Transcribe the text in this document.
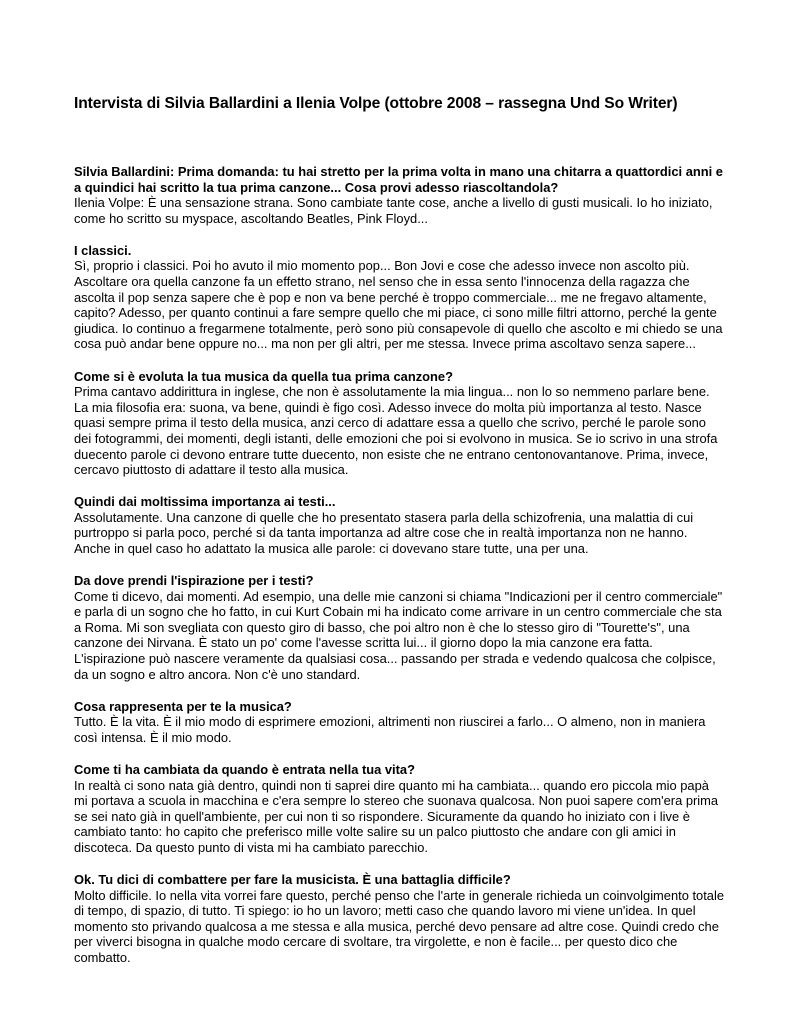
Intervista di Silvia Ballardini a Ilenia Volpe (ottobre 2008 – rassegna Und So Writer)
Silvia Ballardini: Prima domanda: tu hai stretto per la prima volta in mano una chitarra a quattordici anni e a quindici hai scritto la tua prima canzone... Cosa provi adesso riascoltandola?
Ilenia Volpe: È una sensazione strana. Sono cambiate tante cose, anche a livello di gusti musicali. Io ho iniziato, come ho scritto su myspace, ascoltando Beatles, Pink Floyd...
I classici.
Sì, proprio i classici. Poi ho avuto il mio momento pop... Bon Jovi e cose che adesso invece non ascolto più. Ascoltare ora quella canzone fa un effetto strano, nel senso che in essa sento l'innocenza della ragazza che ascolta il pop senza sapere che è pop e non va bene perché è troppo commerciale... me ne fregavo altamente, capito? Adesso, per quanto continui a fare sempre quello che mi piace, ci sono mille filtri attorno, perché la gente giudica. Io continuo a fregarmene totalmente, però sono più consapevole di quello che ascolto e mi chiedo se una cosa può andar bene oppure no... ma non per gli altri, per me stessa. Invece prima ascoltavo senza sapere...
Come si è evoluta la tua musica da quella tua prima canzone?
Prima cantavo addirittura in inglese, che non è assolutamente la mia lingua... non lo so nemmeno parlare bene. La mia filosofia era: suona, va bene, quindi è figo così. Adesso invece do molta più importanza al testo. Nasce quasi sempre prima il testo della musica, anzi cerco di adattare essa a quello che scrivo, perché le parole sono dei fotogrammi, dei momenti, degli istanti, delle emozioni che poi si evolvono in musica. Se io scrivo in una strofa duecento parole ci devono entrare tutte duecento, non esiste che ne entrano centonovantanove. Prima, invece, cercavo piuttosto di adattare il testo alla musica.
Quindi dai moltissima importanza ai testi...
Assolutamente. Una canzone di quelle che ho presentato stasera parla della schizofrenia, una malattia di cui purtroppo si parla poco, perché si da tanta importanza ad altre cose che in realtà importanza non ne hanno. Anche in quel caso ho adattato la musica alle parole: ci dovevano stare tutte, una per una.
Da dove prendi l'ispirazione per i testi?
Come ti dicevo, dai momenti. Ad esempio, una delle mie canzoni si chiama "Indicazioni per il centro commerciale" e parla di un sogno che ho fatto, in cui Kurt Cobain mi ha indicato come arrivare in un centro commerciale che sta a Roma. Mi son svegliata con questo giro di basso, che poi altro non è che lo stesso giro di "Tourette's", una canzone dei Nirvana. È stato un po' come l'avesse scritta lui... il giorno dopo la mia canzone era fatta. L'ispirazione può nascere veramente da qualsiasi cosa... passando per strada e vedendo qualcosa che colpisce, da un sogno e altro ancora. Non c'è uno standard.
Cosa rappresenta per te la musica?
Tutto. È la vita. È il mio modo di esprimere emozioni, altrimenti non riuscirei a farlo... O almeno, non in maniera così intensa. È il mio modo.
Come ti ha cambiata da quando è entrata nella tua vita?
In realtà ci sono nata già dentro, quindi non ti saprei dire quanto mi ha cambiata... quando ero piccola mio papà mi portava a scuola in macchina e c'era sempre lo stereo che suonava qualcosa. Non puoi sapere com'era prima se sei nato già in quell'ambiente, per cui non ti so rispondere. Sicuramente da quando ho iniziato con i live è cambiato tanto: ho capito che preferisco mille volte salire su un palco piuttosto che andare con gli amici in discoteca. Da questo punto di vista mi ha cambiato parecchio.
Ok. Tu dici di combattere per fare la musicista. È una battaglia difficile?
Molto difficile. Io nella vita vorrei fare questo, perché penso che l'arte in generale richieda un coinvolgimento totale di tempo, di spazio, di tutto. Ti spiego: io ho un lavoro; metti caso che quando lavoro mi viene un'idea. In quel momento sto privando qualcosa a me stessa e alla musica, perché devo pensare ad altre cose. Quindi credo che per viverci bisogna in qualche modo cercare di svoltare, tra virgolette, e non è facile... per questo dico che combatto.
